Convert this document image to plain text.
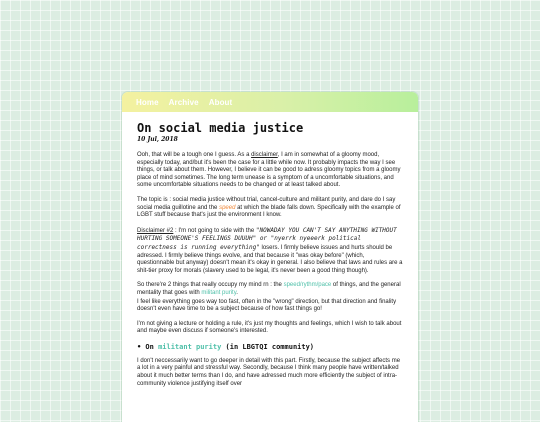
Home Archive About
On social media justice
10 Jul, 2018

Ooh, that will be a tough one I guess. As a disclaimer, I am in somewhat of a gloomy mood, especially today, and/but it's been the case for a little while now. It probably impacts the way I see things, or talk about them. However, I believe it can be good to adress gloomy topics from a gloomy place of mind sometimes. The long term unease is a symptom of a uncomfortable situations, and some uncomfortable situations needs to be changed or at least talked about.

The topic is : social media justice without trial, cancel-culture and militant purity, and dare do I say social media guillotine and the speed at which the blade falls down. Specifically with the example of LGBT stuff because that's just the environment I know.

Disclaimer #2 : I'm not going to side with the "NOWADAY YOU CAN'T SAY ANYTHING WITHOUT HURTING SOMEONE'S FEELINGS DUUUH" or "nyerrk nyeeerk political correctness is running everything" losers. I firmly believe issues and hurts should be adressed. I firmly believe things evolve, and that because it "was okay before" (which, questionnable but anyway) doesn't mean it's okay in general. I also believe that laws and rules are a shit-tier proxy for morals (slavery used to be legal, it's never been a good thing though).

So there're 2 things that really occupy my mind rn : the speed/rythm/pace of things, and the general mentality that goes with militant purity.

I feel like everything goes way too fast, often in the "wrong" direction, but that direction and finality doesn't even have time to be a subject because of how fast things go!

I'm not giving a lecture or holding a rule, it's just my thoughts and feelings, which I wish to talk about and maybe even discuss if someone's interested.

• On militant purity (in LBGTQI community)

I don't neccessarily want to go deeper in detail with this part. Firstly, because the subject affects me a lot in a very painful and stressful way. Secondly, because I think many people have written/talked about it much better terms than I do, and have adressed much more efficiently the subject of intra-community violence justifying itself over
